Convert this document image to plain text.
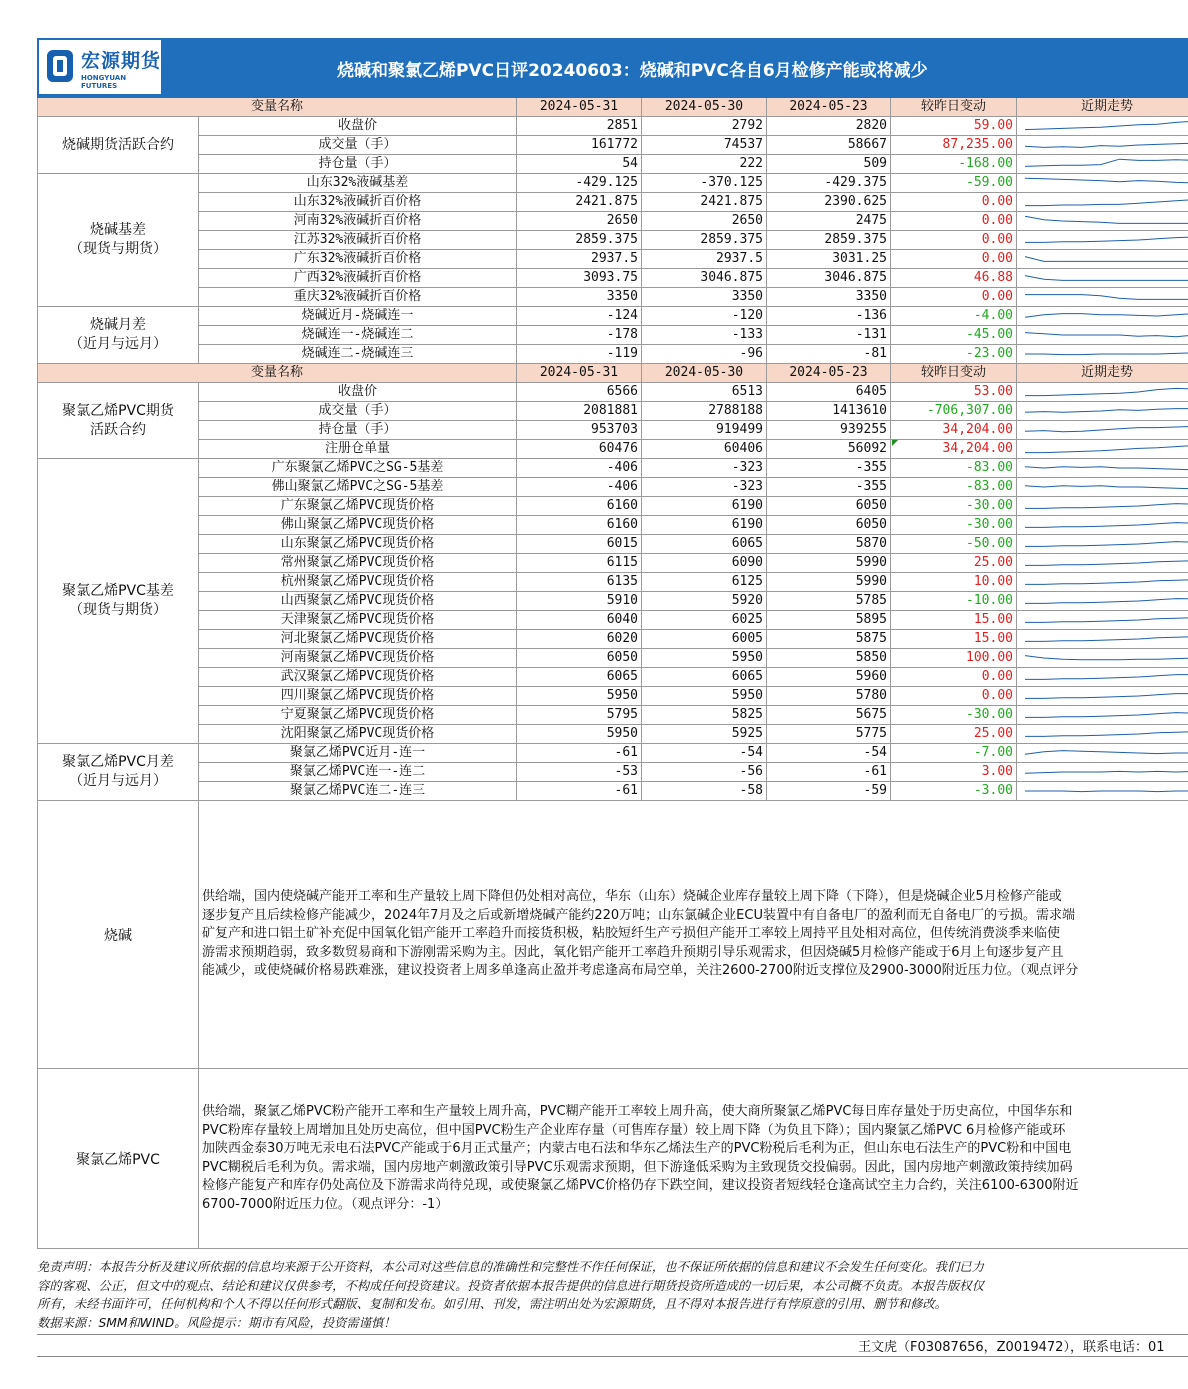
宏源期货
HONGYUAN FUTURES
烧碱和聚氯乙烯PVC日评20240603：烧碱和PVC各自6月检修产能或将减少
变量名称	2024-05-31	2024-05-30	2024-05-23	较昨日变动	近期走势
烧碱期货活跃合约
收盘价	2851	2792	2820	59.00
成交量（手）	161772	74537	58667	87,235.00
持仓量（手）	54	222	509	-168.00
烧碱基差
（现货与期货）
山东32%液碱基差	-429.125	-370.125	-429.375	-59.00
山东32%液碱折百价格	2421.875	2421.875	2390.625	0.00
河南32%液碱折百价格	2650	2650	2475	0.00
江苏32%液碱折百价格	2859.375	2859.375	2859.375	0.00
广东32%液碱折百价格	2937.5	2937.5	3031.25	0.00
广西32%液碱折百价格	3093.75	3046.875	3046.875	46.88
重庆32%液碱折百价格	3350	3350	3350	0.00
烧碱月差
（近月与远月）
烧碱近月-烧碱连一	-124	-120	-136	-4.00
烧碱连一-烧碱连二	-178	-133	-131	-45.00
烧碱连二-烧碱连三	-119	-96	-81	-23.00
变量名称	2024-05-31	2024-05-30	2024-05-23	较昨日变动	近期走势
聚氯乙烯PVC期货
活跃合约
收盘价	6566	6513	6405	53.00
成交量（手）	2081881	2788188	1413610	-706,307.00
持仓量（手）	953703	919499	939255	34,204.00
注册仓单量	60476	60406	56092	34,204.00
聚氯乙烯PVC基差
（现货与期货）
广东聚氯乙烯PVC之SG-5基差	-406	-323	-355	-83.00
佛山聚氯乙烯PVC之SG-5基差	-406	-323	-355	-83.00
广东聚氯乙烯PVC现货价格	6160	6190	6050	-30.00
佛山聚氯乙烯PVC现货价格	6160	6190	6050	-30.00
山东聚氯乙烯PVC现货价格	6015	6065	5870	-50.00
常州聚氯乙烯PVC现货价格	6115	6090	5990	25.00
杭州聚氯乙烯PVC现货价格	6135	6125	5990	10.00
山西聚氯乙烯PVC现货价格	5910	5920	5785	-10.00
天津聚氯乙烯PVC现货价格	6040	6025	5895	15.00
河北聚氯乙烯PVC现货价格	6020	6005	5875	15.00
河南聚氯乙烯PVC现货价格	6050	5950	5850	100.00
武汉聚氯乙烯PVC现货价格	6065	6065	5960	0.00
四川聚氯乙烯PVC现货价格	5950	5950	5780	0.00
宁夏聚氯乙烯PVC现货价格	5795	5825	5675	-30.00
沈阳聚氯乙烯PVC现货价格	5950	5925	5775	25.00
聚氯乙烯PVC月差
（近月与远月）
聚氯乙烯PVC近月-连一	-61	-54	-54	-7.00
聚氯乙烯PVC连一-连二	-53	-56	-61	3.00
聚氯乙烯PVC连二-连三	-61	-58	-59	-3.00
烧碱
供给端，国内使烧碱产能开工率和生产量较上周下降但仍处相对高位，华东（山东）烧碱企业库存量较上周下降（下降），但是烧碱企业5月检修产能或
逐步复产且后续检修产能减少，2024年7月及之后或新增烧碱产能约220万吨；山东氯碱企业ECU装置中有自备电厂的盈利而无自备电厂的亏损。需求端
矿复产和进口铝土矿补充促中国氧化铝产能开工率趋升而接货积极，粘胶短纤生产亏损但产能开工率较上周持平且处相对高位，但传统消费淡季来临使
游需求预期趋弱，致多数贸易商和下游刚需采购为主。因此，氧化铝产能开工率趋升预期引导乐观需求，但因烧碱5月检修产能或于6月上旬逐步复产且
能减少，或使烧碱价格易跌难涨，建议投资者上周多单逢高止盈并考虑逢高布局空单，关注2600-2700附近支撑位及2900-3000附近压力位。（观点评分
聚氯乙烯PVC
供给端，聚氯乙烯PVC粉产能开工率和生产量较上周升高，PVC糊产能开工率较上周升高，使大商所聚氯乙烯PVC每日库存量处于历史高位，中国华东和
PVC粉库存量较上周增加且处历史高位，但中国PVC粉生产企业库存量（可售库存量）较上周下降（为负且下降）；国内聚氯乙烯PVC 6月检修产能或环
加陕西金泰30万吨无汞电石法PVC产能或于6月正式量产；内蒙古电石法和华东乙烯法生产的PVC粉税后毛利为正，但山东电石法生产的PVC粉和中国电
PVC糊税后毛利为负。需求端，国内房地产刺激政策引导PVC乐观需求预期，但下游逢低采购为主致现货交投偏弱。因此，国内房地产刺激政策持续加码
检修产能复产和库存仍处高位及下游需求尚待兑现，或使聚氯乙烯PVC价格仍存下跌空间，建议投资者短线轻仓逢高试空主力合约，关注6100-6300附近
6700-7000附近压力位。（观点评分：-1）
免责声明：本报告分析及建议所依据的信息均来源于公开资料，本公司对这些信息的准确性和完整性不作任何保证，也不保证所依据的信息和建议不会发生任何变化。我们已力
容的客观、公正，但文中的观点、结论和建议仅供参考，不构成任何投资建议。投资者依据本报告提供的信息进行期货投资所造成的一切后果，本公司概不负责。本报告版权仅
所有，未经书面许可，任何机构和个人不得以任何形式翻版、复制和发布。如引用、刊发，需注明出处为宏源期货，且不得对本报告进行有悖原意的引用、删节和修改。
数据来源：SMM和WIND。风险提示：期市有风险，投资需谨慎！
王文虎（F03087656，Z0019472），联系电话：01
